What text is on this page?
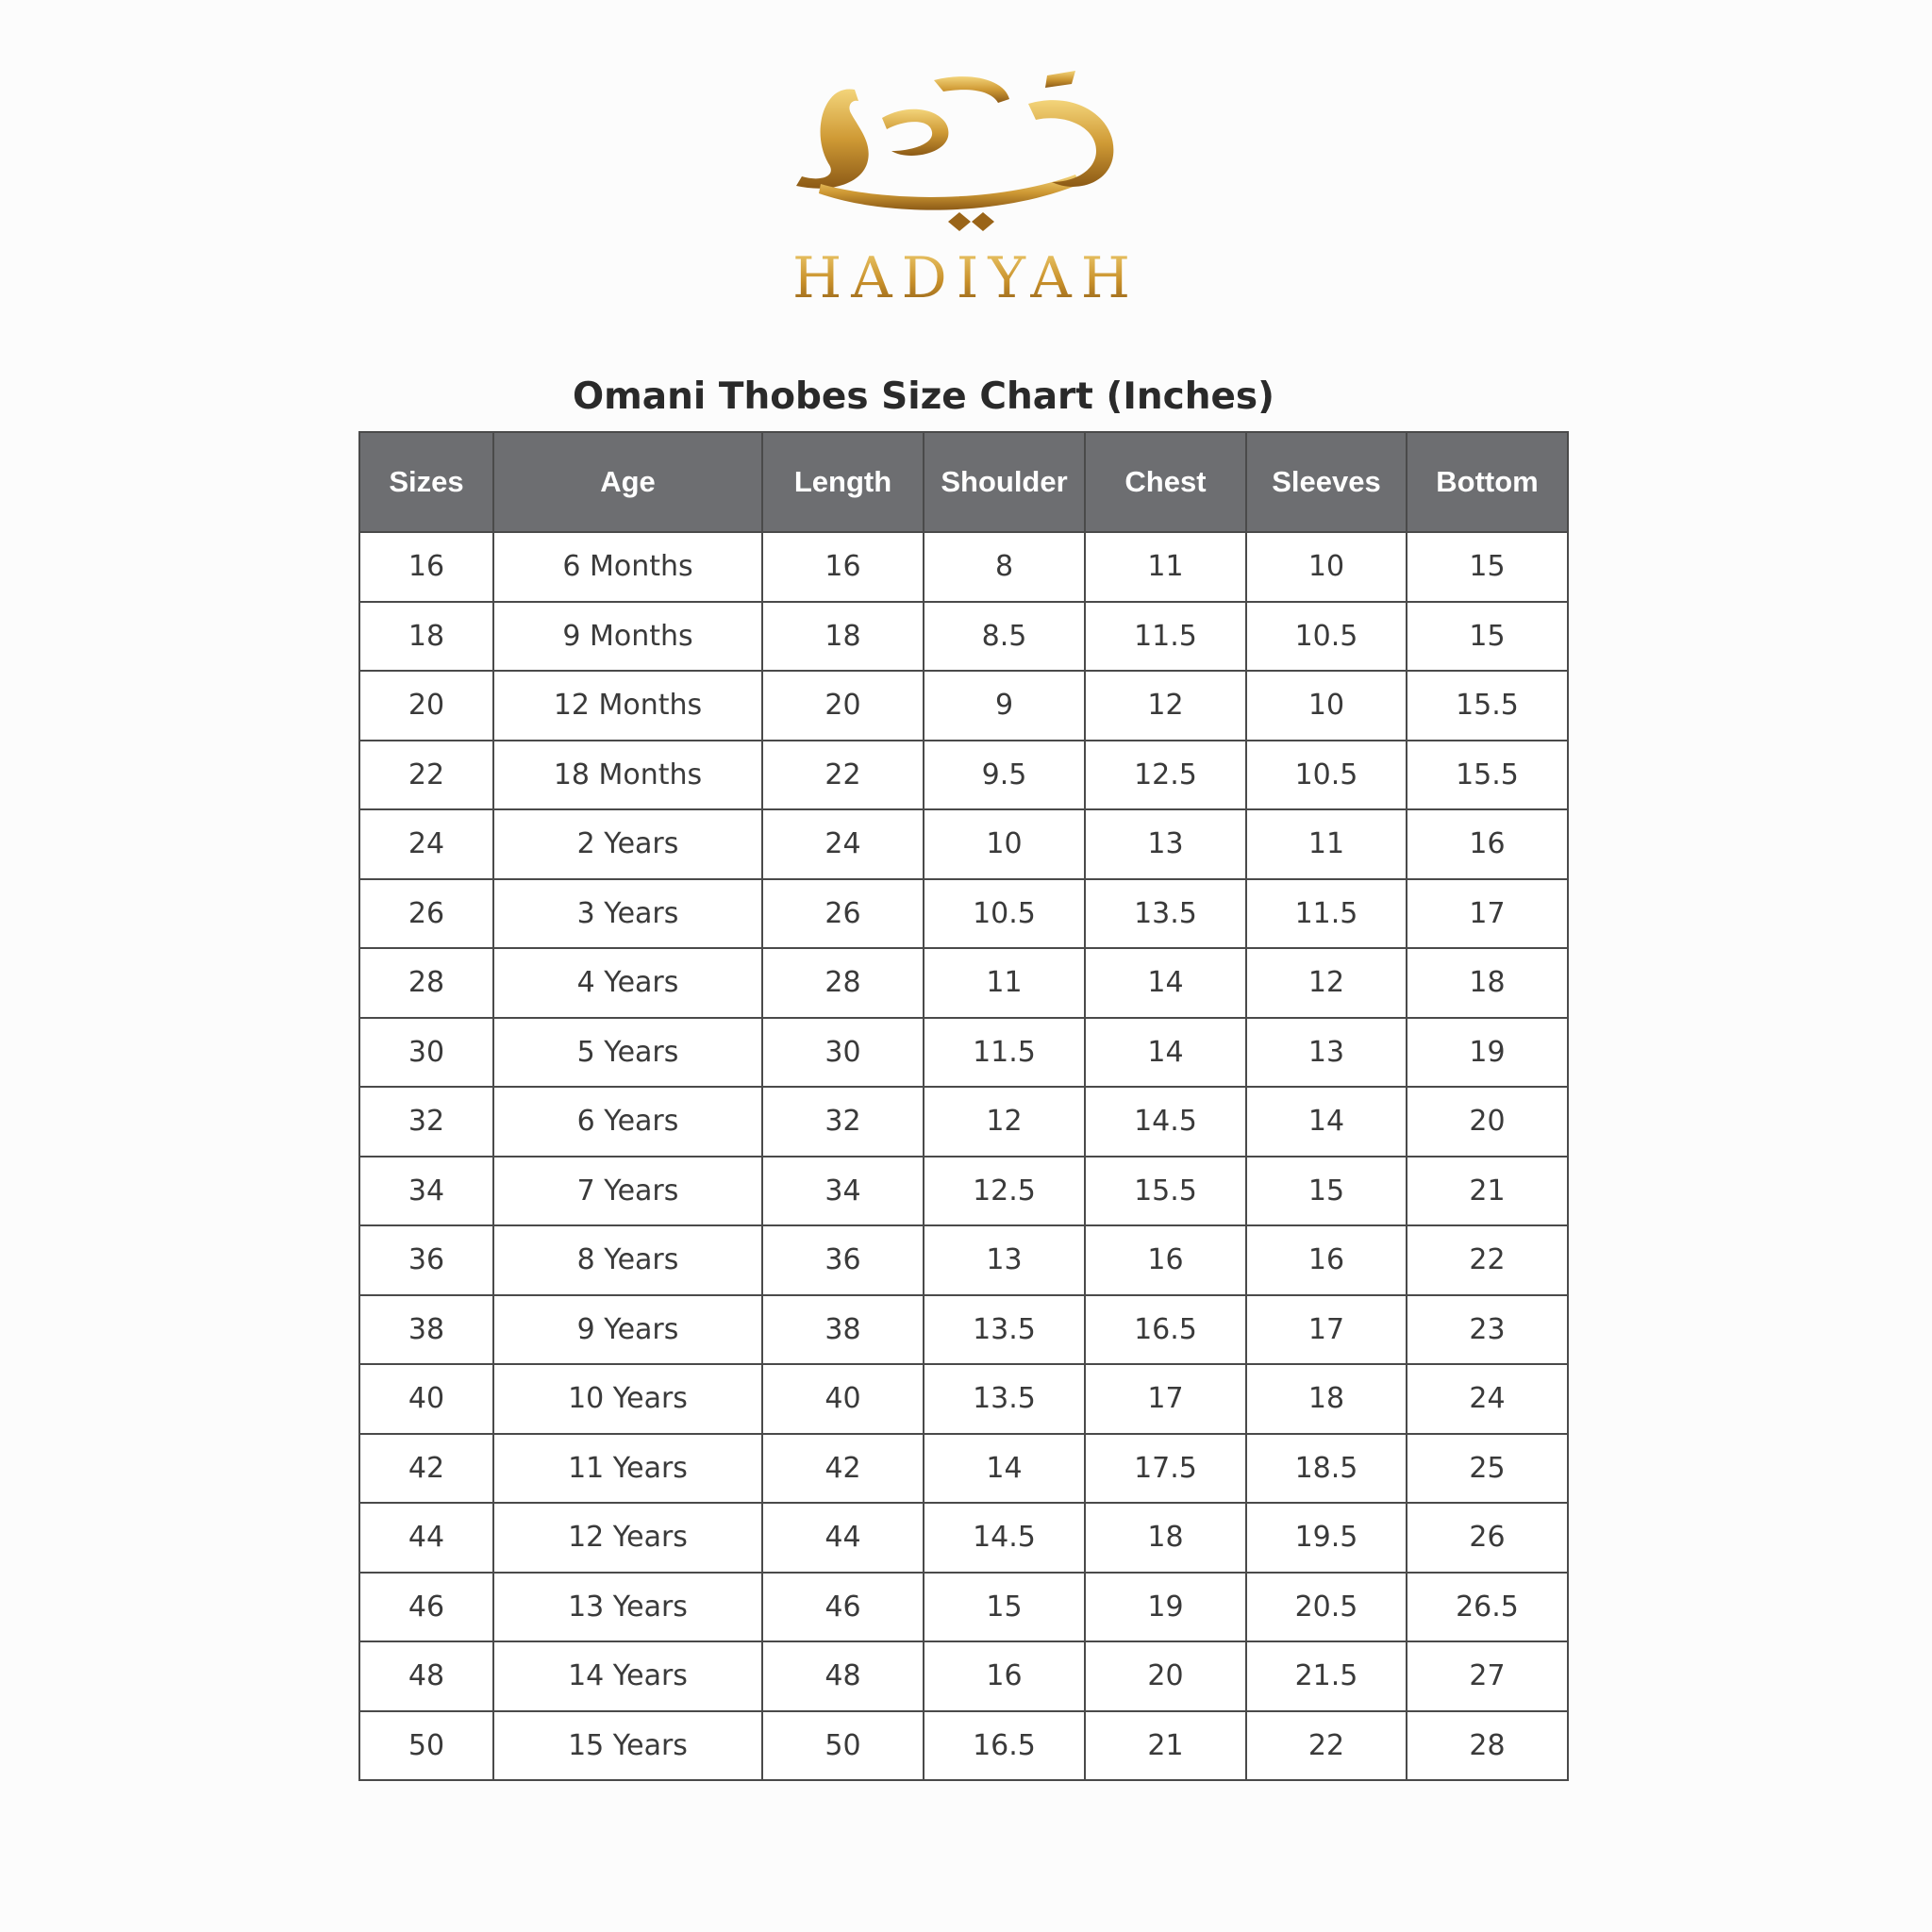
HADIYAH
Omani Thobes Size Chart (Inches)
Sizes	Age	Length	Shoulder	Chest	Sleeves	Bottom
16	6 Months	16	8	11	10	15
18	9 Months	18	8.5	11.5	10.5	15
20	12 Months	20	9	12	10	15.5
22	18 Months	22	9.5	12.5	10.5	15.5
24	2 Years	24	10	13	11	16
26	3 Years	26	10.5	13.5	11.5	17
28	4 Years	28	11	14	12	18
30	5 Years	30	11.5	14	13	19
32	6 Years	32	12	14.5	14	20
34	7 Years	34	12.5	15.5	15	21
36	8 Years	36	13	16	16	22
38	9 Years	38	13.5	16.5	17	23
40	10 Years	40	13.5	17	18	24
42	11 Years	42	14	17.5	18.5	25
44	12 Years	44	14.5	18	19.5	26
46	13 Years	46	15	19	20.5	26.5
48	14 Years	48	16	20	21.5	27
50	15 Years	50	16.5	21	22	28
